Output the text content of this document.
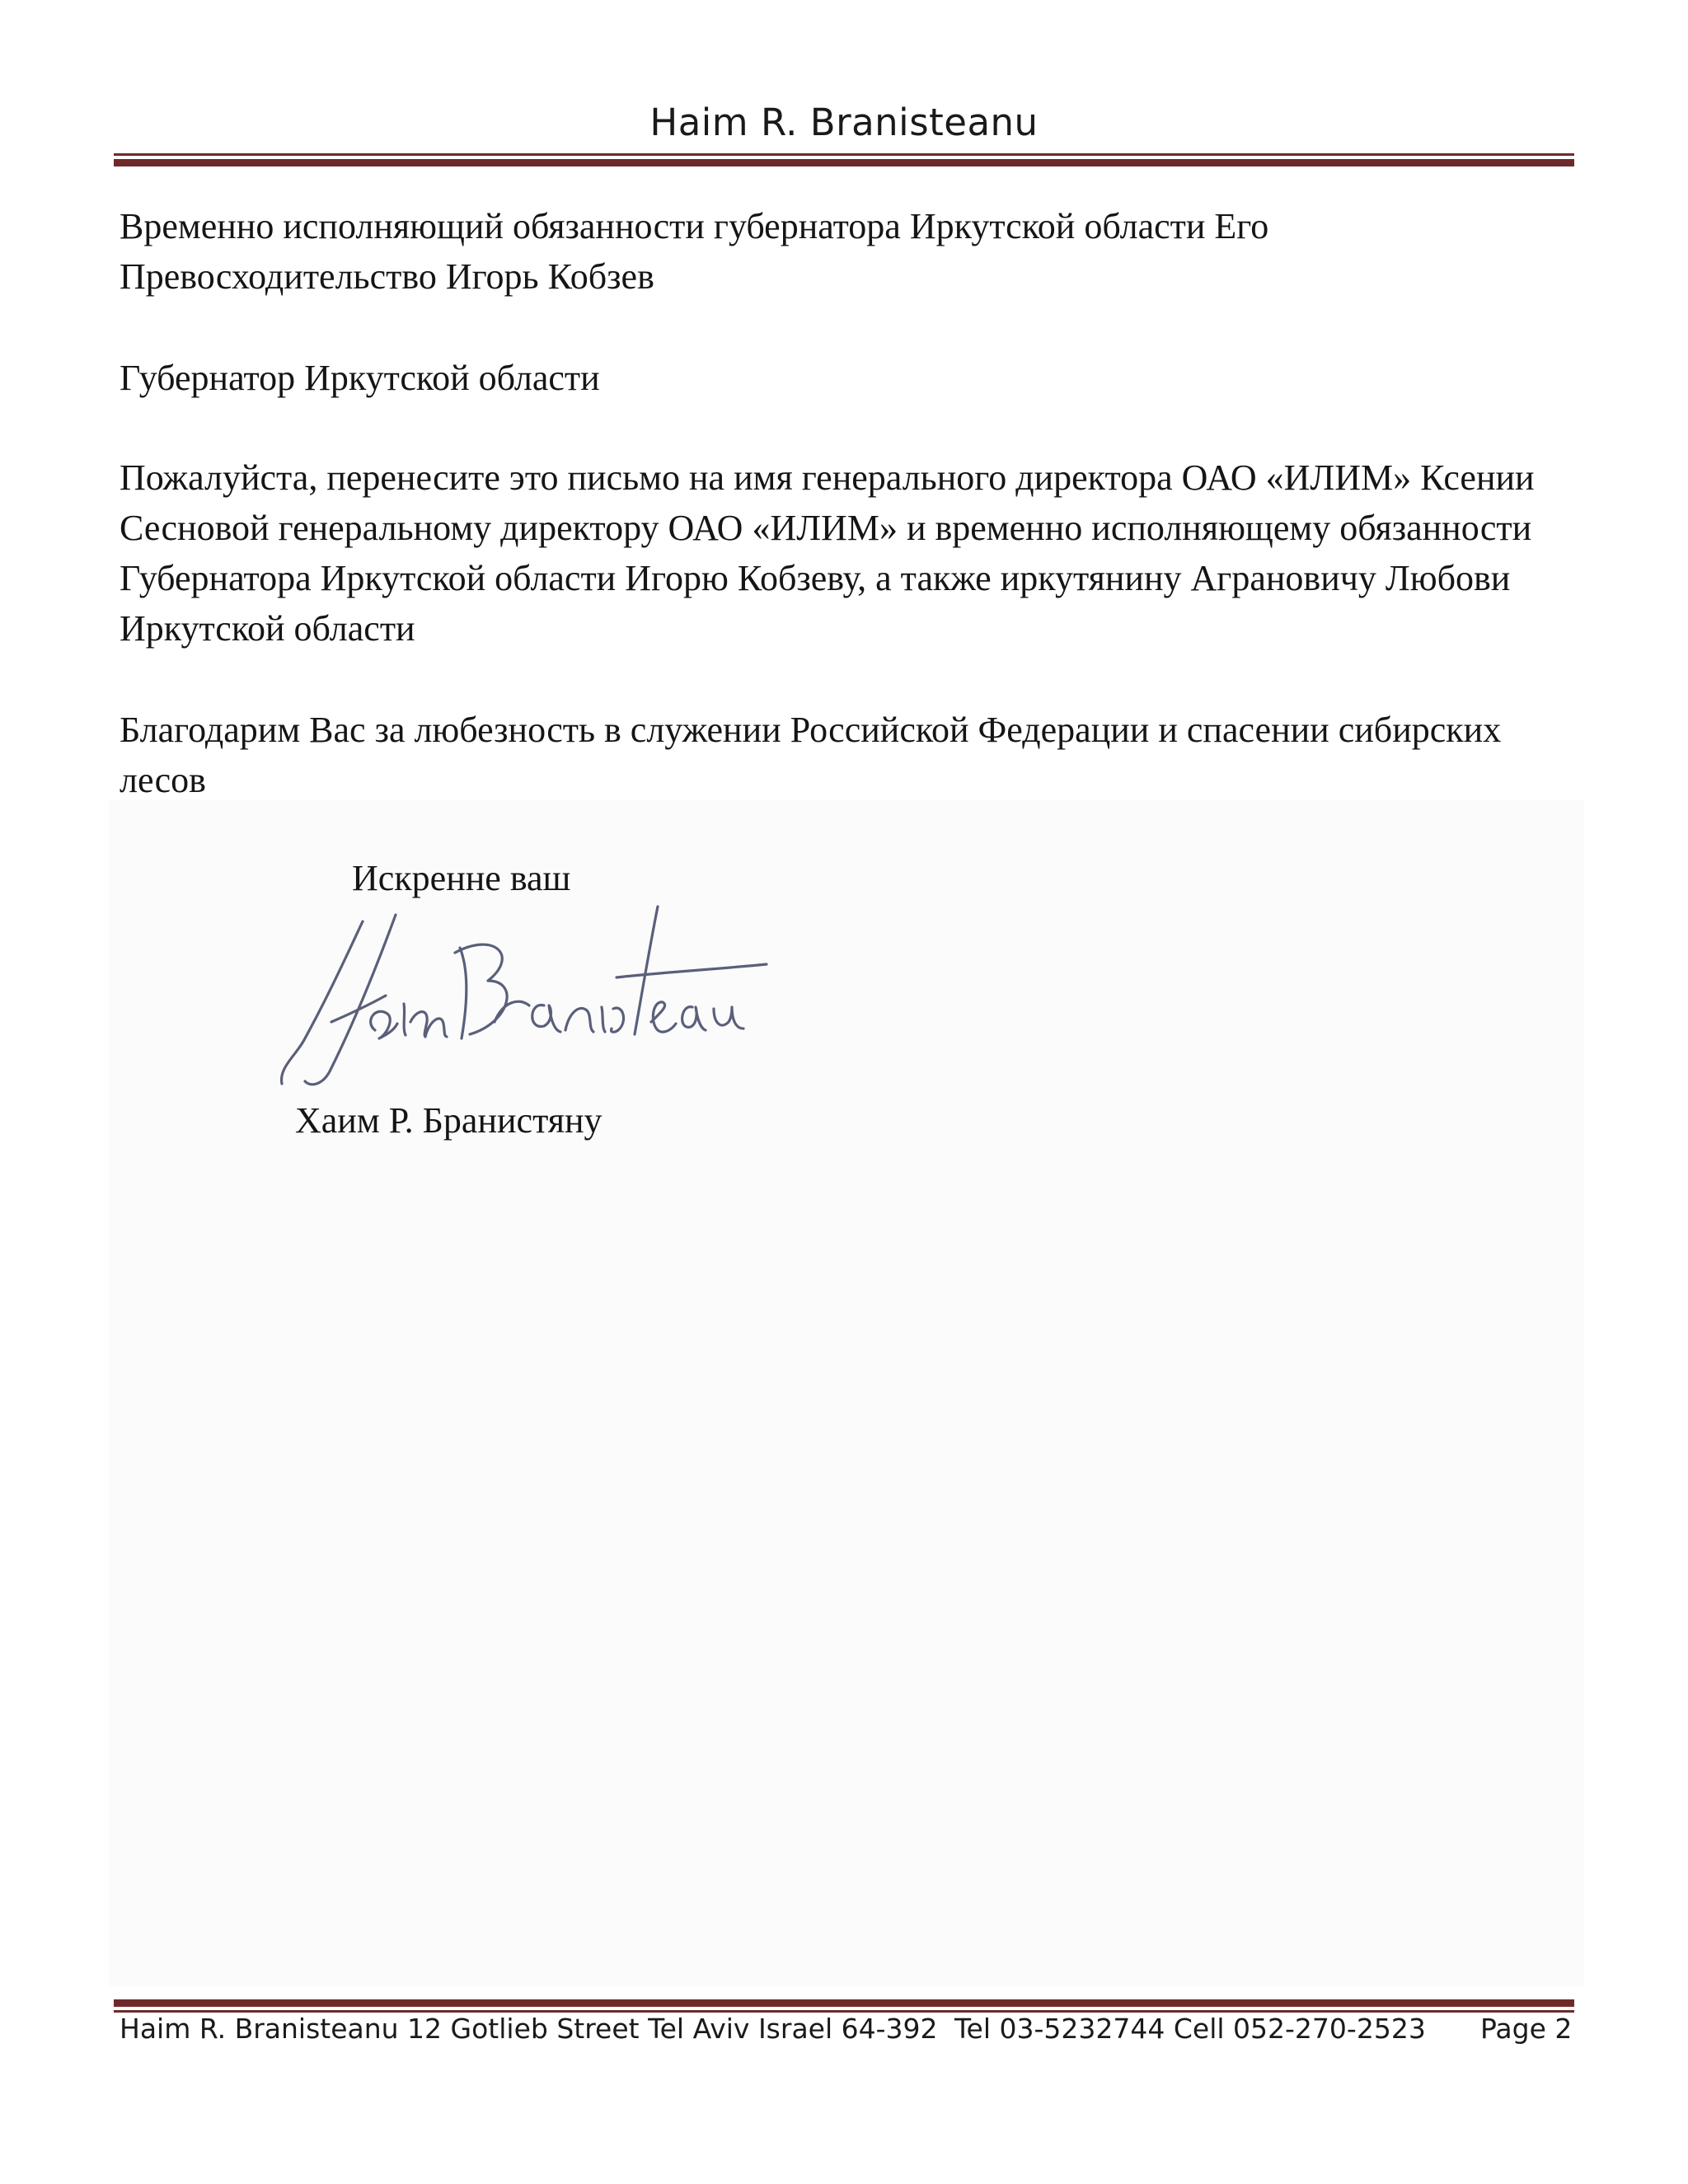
Haim R. Branisteanu
Временно исполняющий обязанности губернатора Иркутской области Его Превосходительство Игорь Кобзев
Губернатор Иркутской области
Пожалуйста, перенесите это письмо на имя генерального директора ОАО «ИЛИМ» Ксении Сесновой генеральному директору ОАО «ИЛИМ» и временно исполняющему обязанности Губернатора Иркутской области Игорю Кобзеву, а также иркутянину Аграновичу Любови Иркутской области
Благодарим Вас за любезность в служении Российской Федерации и спасении сибирских лесов
Искренне ваш
Хаим Р. Бранистяну
Haim R. Branisteanu 12 Gotlieb Street Tel Aviv Israel 64-392 Tel 03-5232744 Cell 052-270-2523 Page 2
